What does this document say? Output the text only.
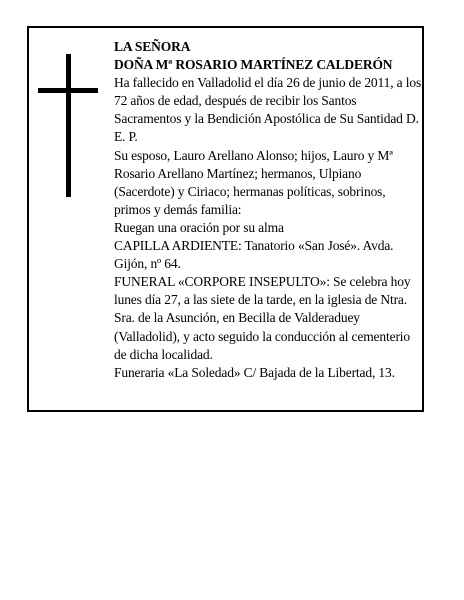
LA SEÑORA

DOÑA Mª ROSARIO MARTÍNEZ CALDERÓN

Ha fallecido en Valladolid el día 26 de junio de 2011, a los 72 años de edad, después de recibir los Santos Sacramentos y la Bendición Apostólica de Su Santidad D. E. P.

Su esposo, Lauro Arellano Alonso; hijos, Lauro y Mª Rosario Arellano Martínez; hermanos, Ulpiano (Sacerdote) y Ciriaco; hermanas políticas, sobrinos, primos y demás familia:

Ruegan una oración por su alma

CAPILLA ARDIENTE: Tanatorio «San José». Avda. Gijón, nº 64.

FUNERAL «CORPORE INSEPULTO»: Se celebra hoy lunes día 27, a las siete de la tarde, en la iglesia de Ntra. Sra. de la Asunción, en Becilla de Valderaduey (Valladolid), y acto seguido la conducción al cementerio de dicha localidad.

Funeraria «La Soledad» C/ Bajada de la Libertad, 13.
